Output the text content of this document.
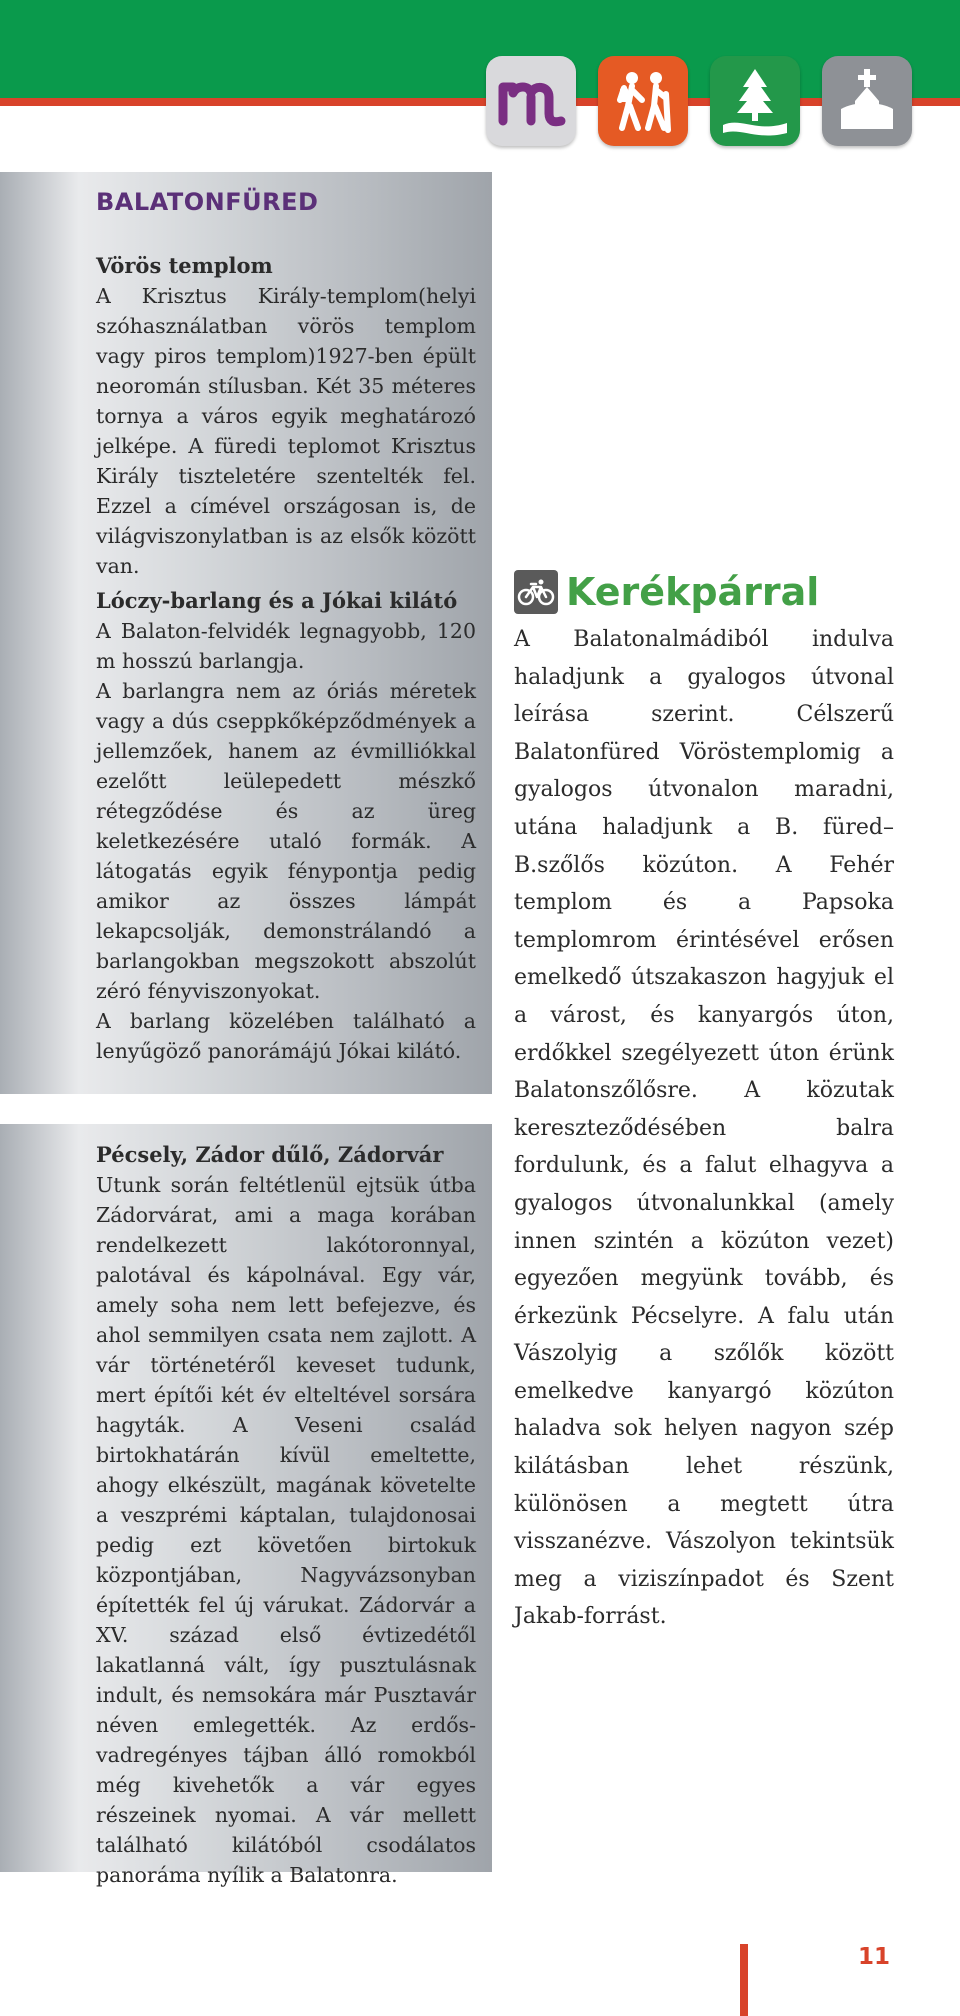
BALATONFÜRED
Vörös templom

A Krisztus Király-templom(helyi szóhasználatban vörös templom vagy piros templom)1927-ben épült neoromán stílusban. Két 35 méteres tornya a város egyik meghatározó jelképe. A füredi teplomot Krisztus Király tiszteletére szentelték fel. Ezzel a címével országosan is, de világviszonylatban is az elsők között van.

Lóczy-barlang és a Jókai kilátó

A Balaton-felvidék legnagyobb, 120 m hosszú barlangja.

A barlangra nem az óriás méretek vagy a dús cseppkőképződmények a jellemzőek, hanem az évmilliókkal ezelőtt leülepedett mészkő rétegződése és az üreg keletkezésére utaló formák. A látogatás egyik fénypontja pedig amikor az összes lámpát lekapcsolják, demonstrálandó a barlangokban megszokott abszolút zéró fényviszonyokat.

A barlang közelében található a lenyűgöző panorámájú Jókai kilátó.

Pécsely, Zádor dűlő, Zádorvár

Utunk során feltétlenül ejtsük útba Zádorvárat, ami a maga korában rendelkezett lakótoronnyal, palotával és kápolnával. Egy vár, amely soha nem lett befejezve, és ahol semmilyen csata nem zajlott. A vár történetéről keveset tudunk, mert építői két év elteltével sorsára hagyták. A Veseni család birtokhatárán kívül emeltette, ahogy elkészült, magának követelte a veszprémi káptalan, tulajdonosai pedig ezt követően birtokuk központjában, Nagyvázsonyban építették fel új várukat. Zádorvár a XV. század első évtizedétől lakatlanná vált, így pusztulásnak indult, és nemsokára már Pusztavár néven emlegették. Az erdős-vadregényes tájban álló romokból még kivehetők a vár egyes részeinek nyomai. A vár mellett található kilátóból csodálatos panoráma nyílik a Balatonra.

Kerékpárral
A Balatonalmádiból indulva haladjunk a gyalogos útvonal leírása szerint. Célszerű Balatonfüred Vöröstemplomig a gyalogos útvonalon maradni, utána haladjunk a B. füred–B.szőlős közúton. A Fehér templom és a Papsoka templomrom érintésével erősen emelkedő útszakaszon hagyjuk el a várost, és kanyargós úton, erdőkkel szegélyezett úton érünk Balatonszőlősre. A közutak kereszteződésében balra fordulunk, és a falut elhagyva a gyalogos útvonalunkkal (amely innen szintén a közúton vezet) egyezően megyünk tovább, és érkezünk Pécselyre. A falu után Vászolyig a szőlők között emelkedve kanyargó közúton haladva sok helyen nagyon szép kilátásban lehet részünk, különösen a megtett útra visszanézve. Vászolyon tekintsük meg a viziszínpadot és Szent Jakab-forrást.
11
